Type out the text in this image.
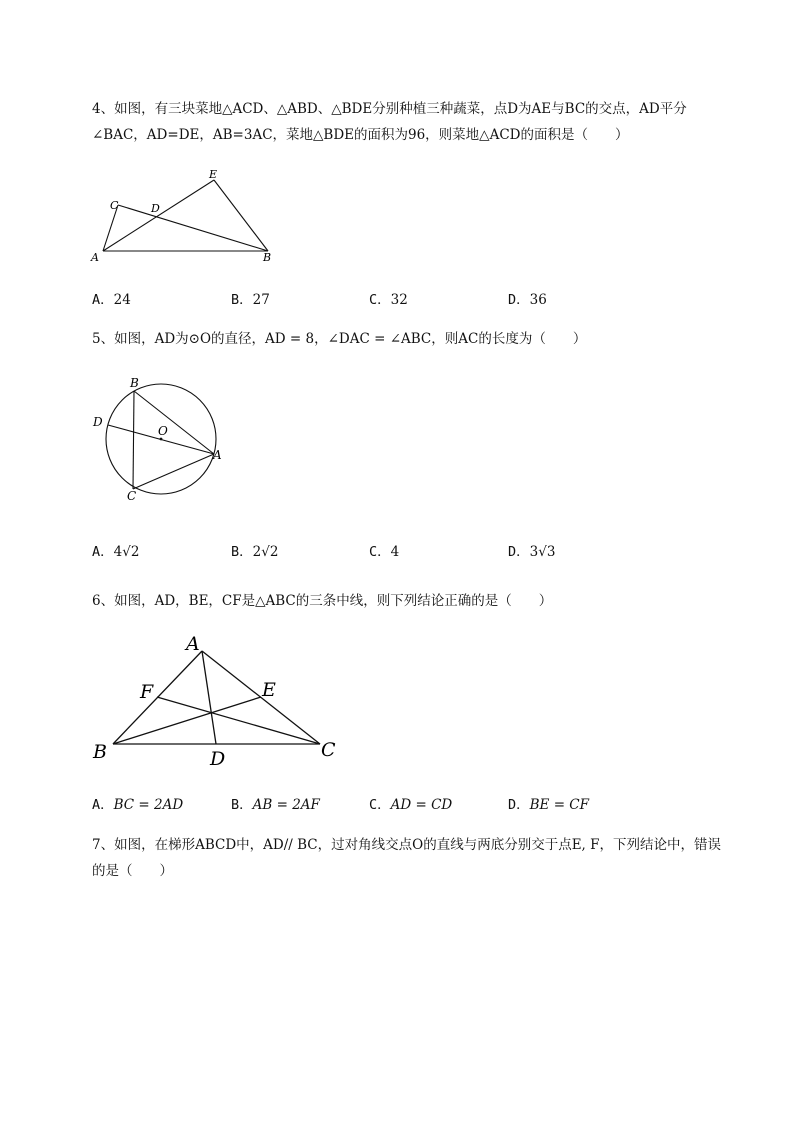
4、如图，有三块菜地△ACD、△ABD、△BDE分别种植三种蔬菜，点D为AE与BC的交点，AD平分∠BAC，AD=DE，AB=3AC，菜地△BDE的面积为96，则菜地△ACD的面积是（　　）
A	B
C	D
E
A．24	B．27	C．32	D．36
5、如图，AD为⊙O的直径，AD = 8，∠DAC = ∠ABC，则AC的长度为（　　）
B
D
O
A
C
A．4√2	B．2√2	C．4	D．3√3
6、如图，AD，BE，CF是△ABC的三条中线，则下列结论正确的是（　　）
A
F	E
B	D	C
A．BC = 2AD	B．AB = 2AF	C．AD = CD	D．BE = CF
7、如图，在梯形ABCD中，AD// BC，过对角线交点O的直线与两底分别交于点E, F，下列结论中，错误的是（　　）
